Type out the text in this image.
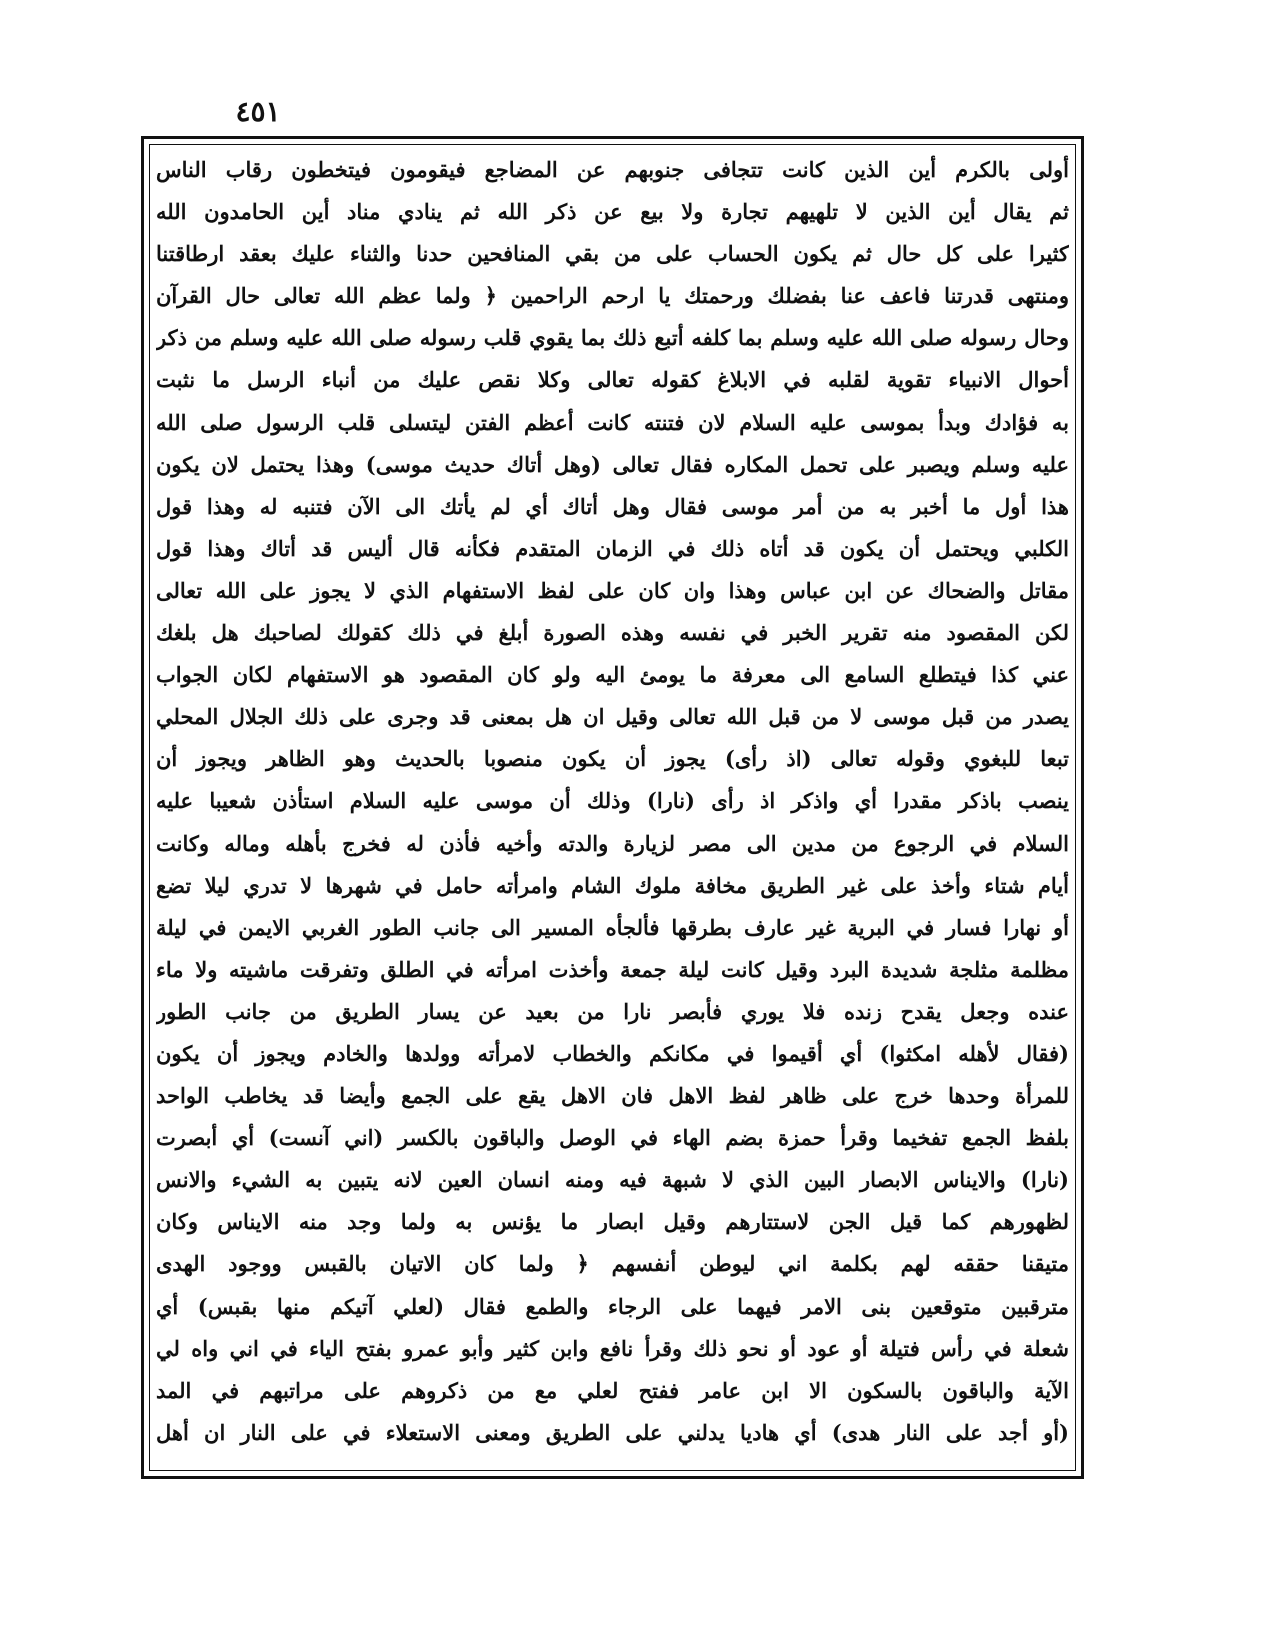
٤٥١
أولى بالكرم أين الذين كانت تتجافى جنوبهم عن المضاجع فيقومون فيتخطون رقاب الناس
ثم يقال أين الذين لا تلهيهم تجارة ولا بيع عن ذكر الله ثم ينادي مناد أين الحامدون الله
كثيرا على كل حال ثم يكون الحساب على من بقي المنافحين حدنا والثناء عليك بعقد ارطاقتنا
ومنتهى قدرتنا فاعف عنا بفضلك ورحمتك يا ارحم الراحمين ﴿ ولما عظم الله تعالى حال القرآن
وحال رسوله صلى الله عليه وسلم بما كلفه أتبع ذلك بما يقوي قلب رسوله صلى الله عليه وسلم من ذكر
أحوال الانبياء تقوية لقلبه في الابلاغ كقوله تعالى وكلا نقص عليك من أنباء الرسل ما نثبت
به فؤادك وبدأ بموسى عليه السلام لان فتنته كانت أعظم الفتن ليتسلى قلب الرسول صلى الله
عليه وسلم ويصبر على تحمل المكاره فقال تعالى (وهل أتاك حديث موسى) وهذا يحتمل لان يكون
هذا أول ما أخبر به من أمر موسى فقال وهل أتاك أي لم يأتك الى الآن فتنبه له وهذا قول
الكلبي ويحتمل أن يكون قد أتاه ذلك في الزمان المتقدم فكأنه قال أليس قد أتاك وهذا قول
مقاتل والضحاك عن ابن عباس وهذا وان كان على لفظ الاستفهام الذي لا يجوز على الله تعالى
لكن المقصود منه تقرير الخبر في نفسه وهذه الصورة أبلغ في ذلك كقولك لصاحبك هل بلغك
عني كذا فيتطلع السامع الى معرفة ما يومئ اليه ولو كان المقصود هو الاستفهام لكان الجواب
يصدر من قبل موسى لا من قبل الله تعالى وقيل ان هل بمعنى قد وجرى على ذلك الجلال المحلي
تبعا للبغوي وقوله تعالى (اذ رأى) يجوز أن يكون منصوبا بالحديث وهو الظاهر ويجوز أن
ينصب باذكر مقدرا أي واذكر اذ رأى (نارا) وذلك أن موسى عليه السلام استأذن شعيبا عليه
السلام في الرجوع من مدين الى مصر لزيارة والدته وأخيه فأذن له فخرج بأهله وماله وكانت
أيام شتاء وأخذ على غير الطريق مخافة ملوك الشام وامرأته حامل في شهرها لا تدري ليلا تضع
أو نهارا فسار في البرية غير عارف بطرقها فألجأه المسير الى جانب الطور الغربي الايمن في ليلة
مظلمة مثلجة شديدة البرد وقيل كانت ليلة جمعة وأخذت امرأته في الطلق وتفرقت ماشيته ولا ماء
عنده وجعل يقدح زنده فلا يوري فأبصر نارا من بعيد عن يسار الطريق من جانب الطور
(فقال لأهله امكثوا) أي أقيموا في مكانكم والخطاب لامرأته وولدها والخادم ويجوز أن يكون
للمرأة وحدها خرج على ظاهر لفظ الاهل فان الاهل يقع على الجمع وأيضا قد يخاطب الواحد
بلفظ الجمع تفخيما وقرأ حمزة بضم الهاء في الوصل والباقون بالكسر (اني آنست) أي أبصرت
(نارا) والايناس الابصار البين الذي لا شبهة فيه ومنه انسان العين لانه يتبين به الشيء والانس
لظهورهم كما قيل الجن لاستتارهم وقيل ابصار ما يؤنس به ولما وجد منه الايناس وكان
متيقنا حققه لهم بكلمة اني ليوطن أنفسهم ﴿ ولما كان الاتيان بالقبس ووجود الهدى
مترقبين متوقعين بنى الامر فيهما على الرجاء والطمع فقال (لعلي آتيكم منها بقبس) أي
شعلة في رأس فتيلة أو عود أو نحو ذلك وقرأ نافع وابن كثير وأبو عمرو بفتح الياء في اني واه لي
الآية والباقون بالسكون الا ابن عامر ففتح لعلي مع من ذكروهم على مراتبهم في المد
(أو أجد على النار هدى) أي هاديا يدلني على الطريق ومعنى الاستعلاء في على النار ان أهل
